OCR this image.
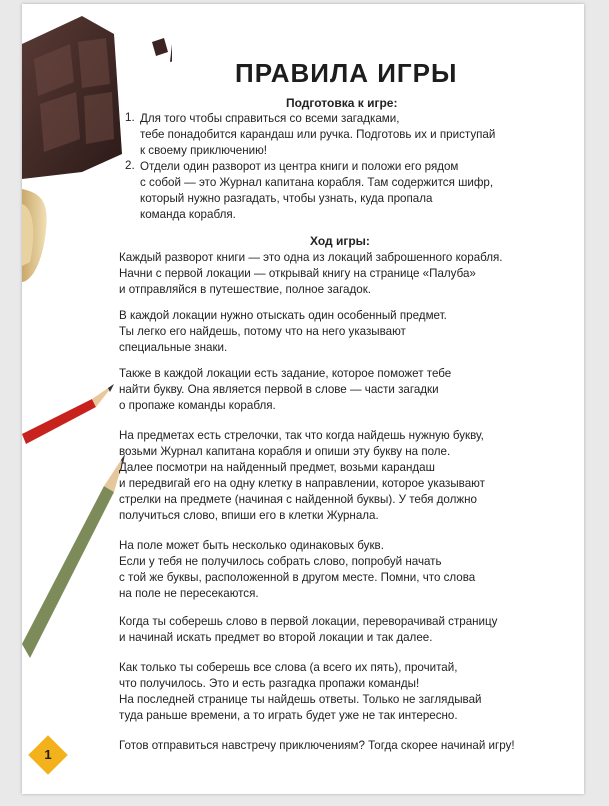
ПРАВИЛА ИГРЫ
Подготовка к игре:
1. Для того чтобы справиться со всеми загадками,

тебе понадобится карандаш или ручка. Подготовь их и приступай

к своему приключению!

2. Отдели один разворот из центра книги и положи его рядом

с собой — это Журнал капитана корабля. Там содержится шифр,

который нужно разгадать, чтобы узнать, куда пропала

команда корабля.

Ход игры:

Каждый разворот книги — это одна из локаций заброшенного корабля.

Начни с первой локации — открывай книгу на странице «Палуба»

и отправляйся в путешествие, полное загадок.

В каждой локации нужно отыскать один особенный предмет.

Ты легко его найдешь, потому что на него указывают

специальные знаки.

Также в каждой локации есть задание, которое поможет тебе

найти букву. Она является первой в слове — части загадки

о пропаже команды корабля.

На предметах есть стрелочки, так что когда найдешь нужную букву,

возьми Журнал капитана корабля и опиши эту букву на поле.

Далее посмотри на найденный предмет, возьми карандаш

и передвигай его на одну клетку в направлении, которое указывают

стрелки на предмете (начиная с найденной буквы). У тебя должно

получиться слово, впиши его в клетки Журнала.

На поле может быть несколько одинаковых букв.

Если у тебя не получилось собрать слово, попробуй начать

с той же буквы, расположенной в другом месте. Помни, что слова

на поле не пересекаются.

Когда ты соберешь слово в первой локации, переворачивай страницу

и начинай искать предмет во второй локации и так далее.

Как только ты соберешь все слова (а всего их пять), прочитай,

что получилось. Это и есть разгадка пропажи команды!

На последней странице ты найдешь ответы. Только не заглядывай

туда раньше времени, а то играть будет уже не так интересно.

Готов отправиться навстречу приключениям? Тогда скорее начинай игру!

1
